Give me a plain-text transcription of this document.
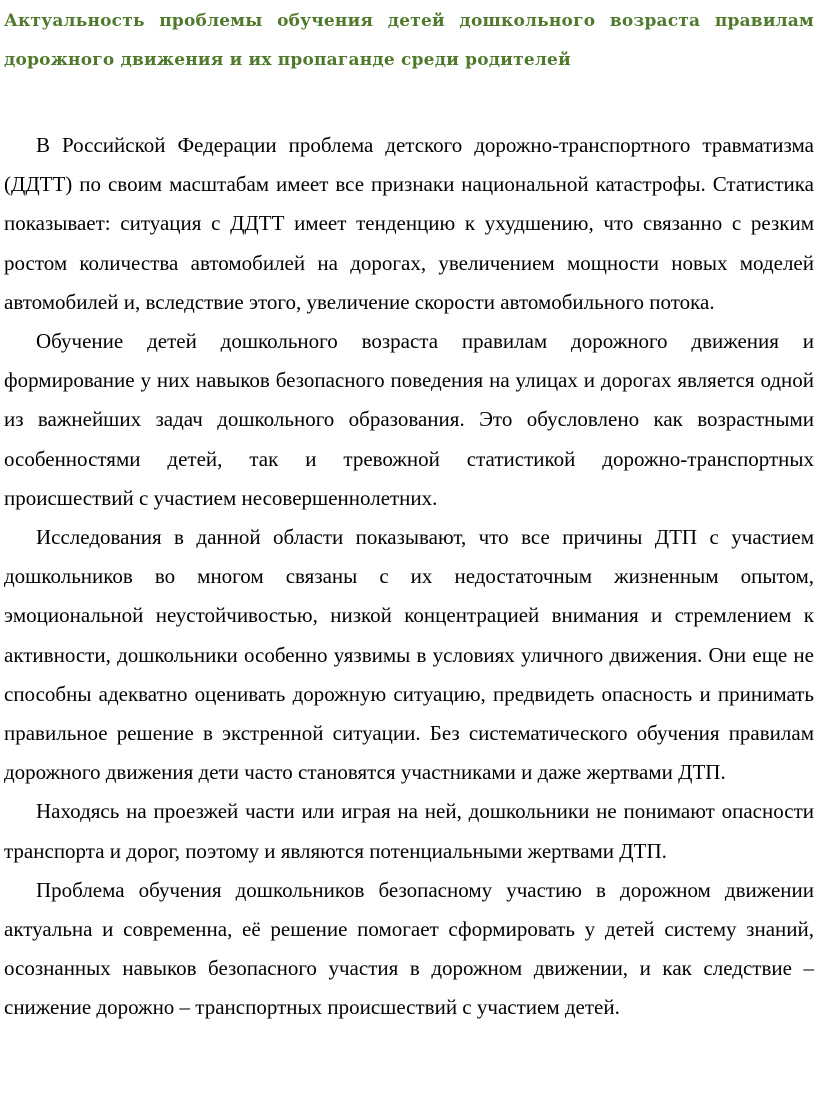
Актуальность проблемы обучения детей дошкольного возраста правилам
дорожного движения и их пропаганде среди родителей

В Российской Федерации проблема детского дорожно-транспортного травматизма (ДДТТ) по своим масштабам имеет все признаки национальной катастрофы. Статистика показывает: ситуация с ДДТТ имеет тенденцию к ухудшению, что связанно с резким ростом количества автомобилей на дорогах, увеличением мощности новых моделей автомобилей и, вследствие этого, увеличение скорости автомобильного потока.

Обучение детей дошкольного возраста правилам дорожного движения и формирование у них навыков безопасного поведения на улицах и дорогах является одной из важнейших задач дошкольного образования. Это обусловлено как возрастными особенностями детей, так и тревожной статистикой дорожно-транспортных происшествий с участием несовершеннолетних.

Исследования в данной области показывают, что все причины ДТП с участием дошкольников во многом связаны с их недостаточным жизненным опытом, эмоциональной неустойчивостью, низкой концентрацией внимания и стремлением к активности, дошкольники особенно уязвимы в условиях уличного движения. Они еще не способны адекватно оценивать дорожную ситуацию, предвидеть опасность и принимать правильное решение в экстренной ситуации. Без систематического обучения правилам дорожного движения дети часто становятся участниками и даже жертвами ДТП.

Находясь на проезжей части или играя на ней, дошкольники не понимают опасности транспорта и дорог, поэтому и являются потенциальными жертвами ДТП.

Проблема обучения дошкольников безопасному участию в дорожном движении актуальна и современна, её решение помогает сформировать у детей систему знаний, осознанных навыков безопасного участия в дорожном движении, и как следствие – снижение дорожно – транспортных происшествий с участием детей.
